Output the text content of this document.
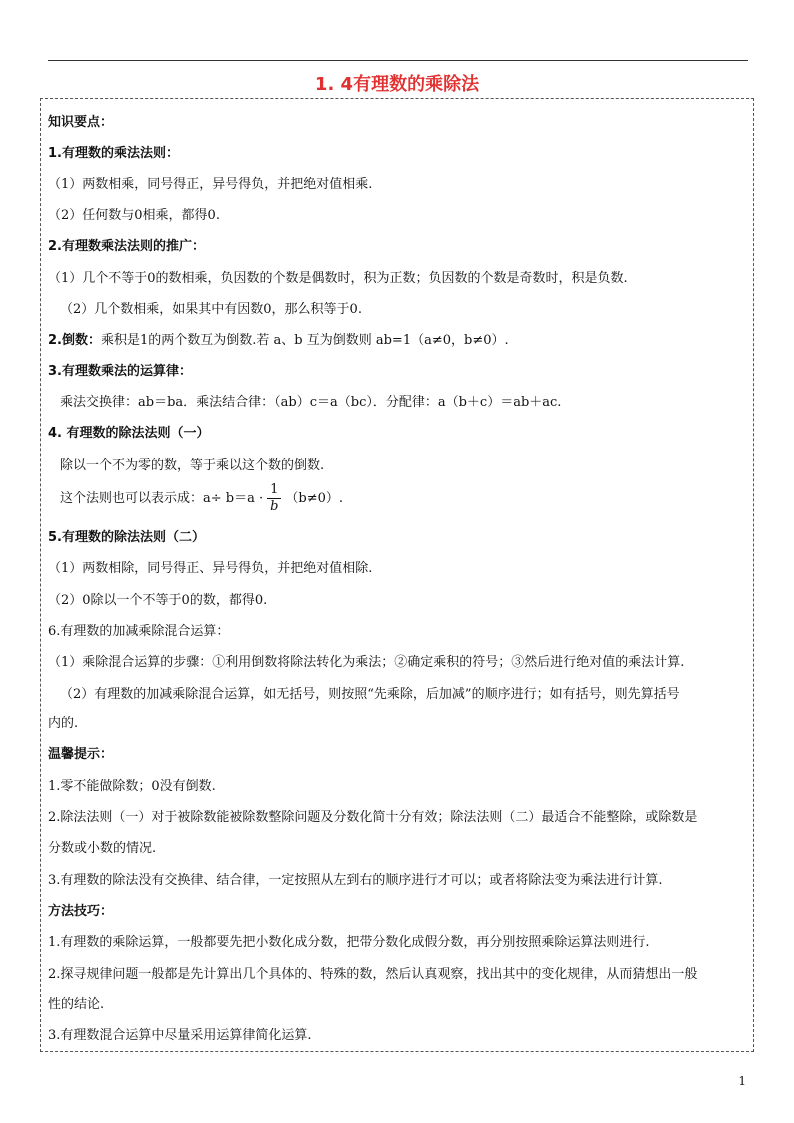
1. 4有理数的乘除法
知识要点：
1.有理数的乘法法则：
（1）两数相乘，同号得正，异号得负，并把绝对值相乘.
（2）任何数与0相乘，都得0.
2.有理数乘法法则的推广：
（1）几个不等于0的数相乘，负因数的个数是偶数时，积为正数；负因数的个数是奇数时，积是负数.
（2）几个数相乘，如果其中有因数0，那么积等于0.
2.倒数：乘积是1的两个数互为倒数.若 a、b 互为倒数则 ab=1（a≠0，b≠0）.
3.有理数乘法的运算律：
乘法交换律：ab＝ba．乘法结合律：（ab）c＝a（bc）．分配律：a（b＋c）＝ab＋ac.
4. 有理数的除法法则（一）
除以一个不为零的数，等于乘以这个数的倒数.
这个法则也可以表示成：$a\div b=a \cdot \frac{1}{b} (b\ne 0)$.
5.有理数的除法法则（二）
（1）两数相除，同号得正、异号得负，并把绝对值相除.
（2）0除以一个不等于0的数，都得0.
6.有理数的加减乘除混合运算：
（1）乘除混合运算的步骤：①利用倒数将除法转化为乘法；②确定乘积的符号；③然后进行绝对值的乘法计算.
（2）有理数的加减乘除混合运算，如无括号，则按照“先乘除，后加减”的顺序进行；如有括号，则先算括号
内的.
温馨提示：
1.零不能做除数；0没有倒数.
2.除法法则（一）对于被除数能被除数整除问题及分数化简十分有效；除法法则（二）最适合不能整除，或除数是
分数或小数的情况.
3.有理数的除法没有交换律、结合律，一定按照从左到右的顺序进行才可以；或者将除法变为乘法进行计算.
方法技巧：
1.有理数的乘除运算，一般都要先把小数化成分数，把带分数化成假分数，再分别按照乘除运算法则进行.
2.探寻规律问题一般都是先计算出几个具体的、特殊的数，然后认真观察，找出其中的变化规律，从而猜想出一般
性的结论.
3.有理数混合运算中尽量采用运算律简化运算.
1
